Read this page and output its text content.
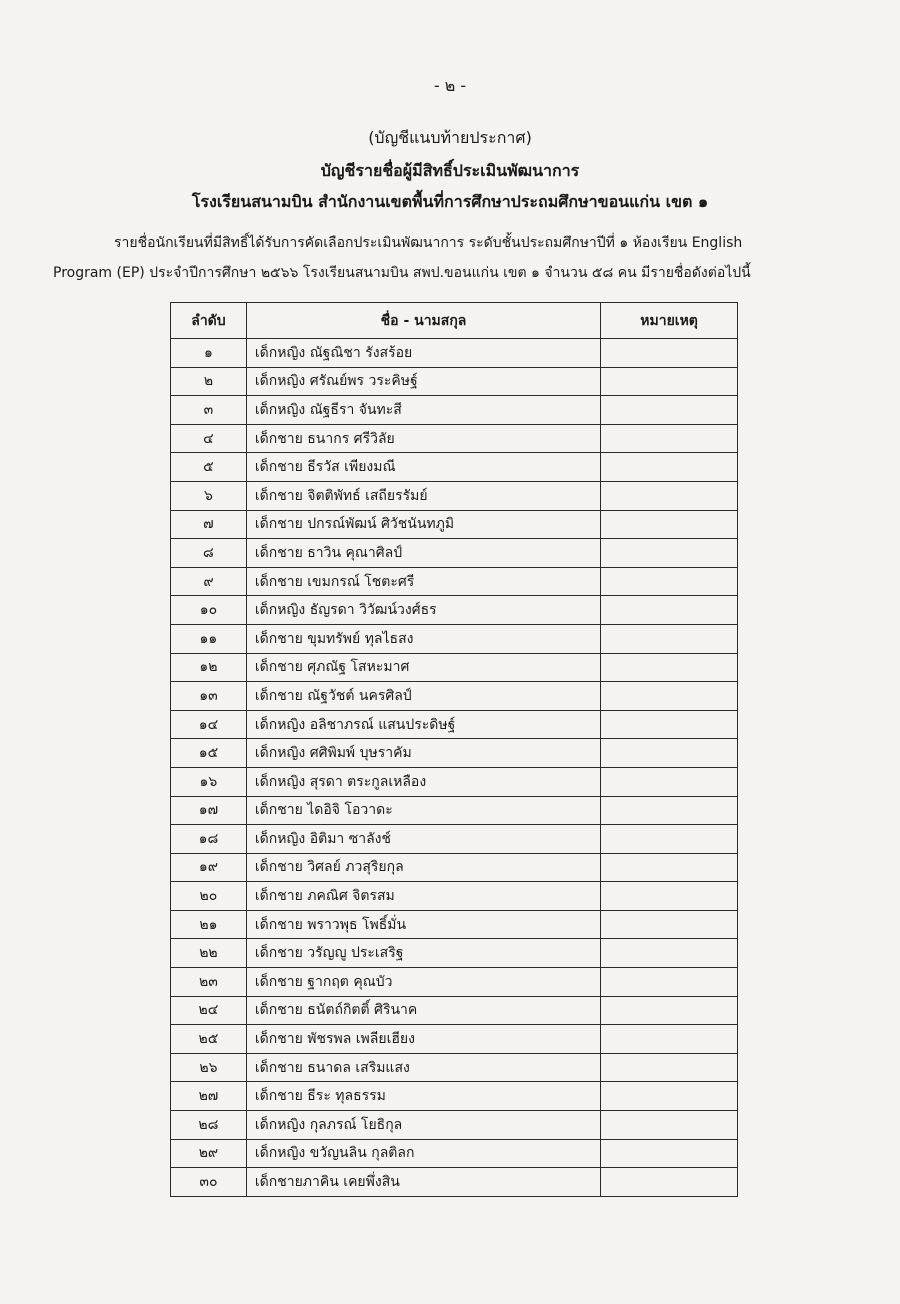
- ๒ -
(บัญชีแนบท้ายประกาศ)
บัญชีรายชื่อผู้มีสิทธิ์ประเมินพัฒนาการ
โรงเรียนสนามบิน สำนักงานเขตพื้นที่การศึกษาประถมศึกษาขอนแก่น เขต ๑
รายชื่อนักเรียนที่มีสิทธิ์ได้รับการคัดเลือกประเมินพัฒนาการ ระดับชั้นประถมศึกษาปีที่ ๑ ห้องเรียน English
Program (EP) ประจำปีการศึกษา ๒๕๖๖ โรงเรียนสนามบิน สพป.ขอนแก่น เขต ๑ จำนวน ๕๘ คน มีรายชื่อดังต่อไปนี้
ลำดับ	ชื่อ - นามสกุล	หมายเหตุ
๑	เด็กหญิง ณัฐณิชา รังสร้อย	
๒	เด็กหญิง ศรัณย์พร วระคิษฐ์	
๓	เด็กหญิง ณัฐธีรา จันทะสี	
๔	เด็กชาย ธนากร ศรีวิลัย	
๕	เด็กชาย ธีรวัส เพียงมณี	
๖	เด็กชาย จิตติพัทธ์ เสถียรรัมย์	
๗	เด็กชาย ปกรณ์พัฒน์ ศิวัชนันทภูมิ	
๘	เด็กชาย ธาวิน คุณาศิลป์	
๙	เด็กชาย เขมกรณ์ โชตะศรี	
๑๐	เด็กหญิง ธัญรดา วิวัฒน์วงศ์ธร	
๑๑	เด็กชาย ขุมทรัพย์ ทุลไธสง	
๑๒	เด็กชาย ศุภณัฐ โสหะมาศ	
๑๓	เด็กชาย ณัฐวัชต์ นครศิลป์	
๑๔	เด็กหญิง อลิชาภรณ์ แสนประดิษฐ์	
๑๕	เด็กหญิง ศศิพิมพ์ บุษราคัม	
๑๖	เด็กหญิง สุรดา ตระกูลเหลือง	
๑๗	เด็กชาย ไดอิจิ โอวาดะ	
๑๘	เด็กหญิง อิติมา ซาลังช์	
๑๙	เด็กชาย วิศลย์ ภวสุริยกุล	
๒๐	เด็กชาย ภคณิศ จิตรสม	
๒๑	เด็กชาย พราวพุธ โพธิ์มั่น	
๒๒	เด็กชาย วรัญญู ประเสริฐ	
๒๓	เด็กชาย ฐากฤต คุณบัว	
๒๔	เด็กชาย ธนัตถ์กิตติ์ ศิรินาค	
๒๕	เด็กชาย พัชรพล เพลียเฮียง	
๒๖	เด็กชาย ธนาดล เสริมแสง	
๒๗	เด็กชาย ธีระ ทุลธรรม	
๒๘	เด็กหญิง กุลภรณ์ โยธิกุล	
๒๙	เด็กหญิง ขวัญนลิน กุลติลก	
๓๐	เด็กชายภาคิน เคยพึ่งสิน	
